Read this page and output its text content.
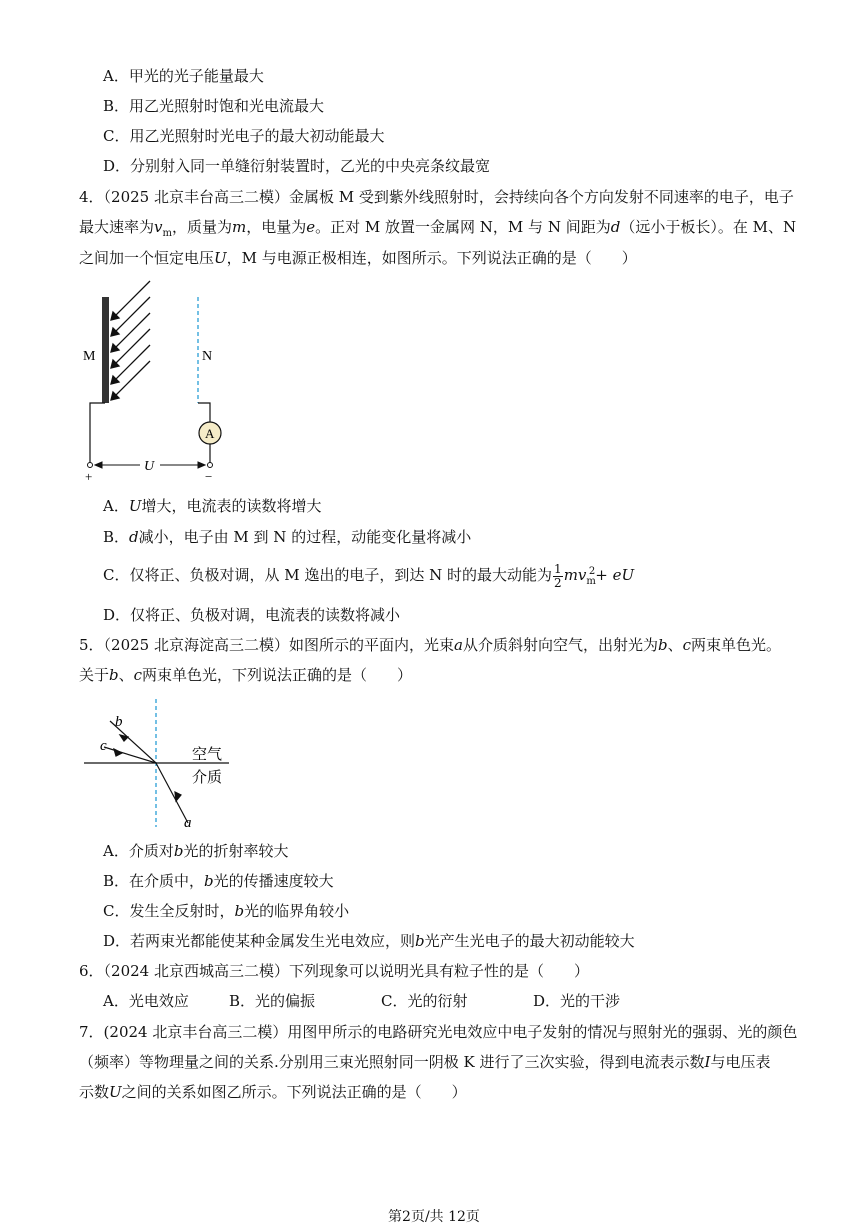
A．甲光的光子能量最大
B．用乙光照射时饱和光电流最大
C．用乙光照射时光电子的最大初动能最大
D．分别射入同一单缝衍射装置时，乙光的中央亮条纹最宽
4．（2025 北京丰台高三二模）金属板 M 受到紫外线照射时，会持续向各个方向发射不同速率的电子，电子
最大速率为$v_m$，质量为m，电量为e。正对 M 放置一金属网 N，M 与 N 间距为d（远小于板长）。在 M、N
之间加一个恒定电压U，M 与电源正极相连，如图所示。下列说法正确的是（　　）
M	N
A
U
+	−
A．U增大，电流表的读数将增大
B．d减小，电子由 M 到 N 的过程，动能变化量将减小
C．仅将正、负极对调，从 M 逸出的电子，到达 N 时的最大动能为 $\frac{1}{2} mv_m^2+$ eU
D．仅将正、负极对调，电流表的读数将减小
5．（2025 北京海淀高三二模）如图所示的平面内，光束a从介质斜射向空气，出射光为b、c两束单色光。
关于b、c两束单色光，下列说法正确的是（　　）
b
c
a
空气
介质
A．介质对b光的折射率较大
B．在介质中，b光的传播速度较大
C．发生全反射时，b光的临界角较小
D．若两束光都能使某种金属发生光电效应，则b光产生光电子的最大初动能较大
6．（2024 北京西城高三二模）下列现象可以说明光具有粒子性的是（　　）
A．光电效应	B．光的偏振	C．光的衍射	D．光的干涉
7．(2024 北京丰台高三二模）用图甲所示的电路研究光电效应中电子发射的情况与照射光的强弱、光的颜色
（频率）等物理量之间的关系.分别用三束光照射同一阴极 K 进行了三次实验，得到电流表示数I与电压表
示数U之间的关系如图乙所示。下列说法正确的是（　　）
第2页/共 12页
